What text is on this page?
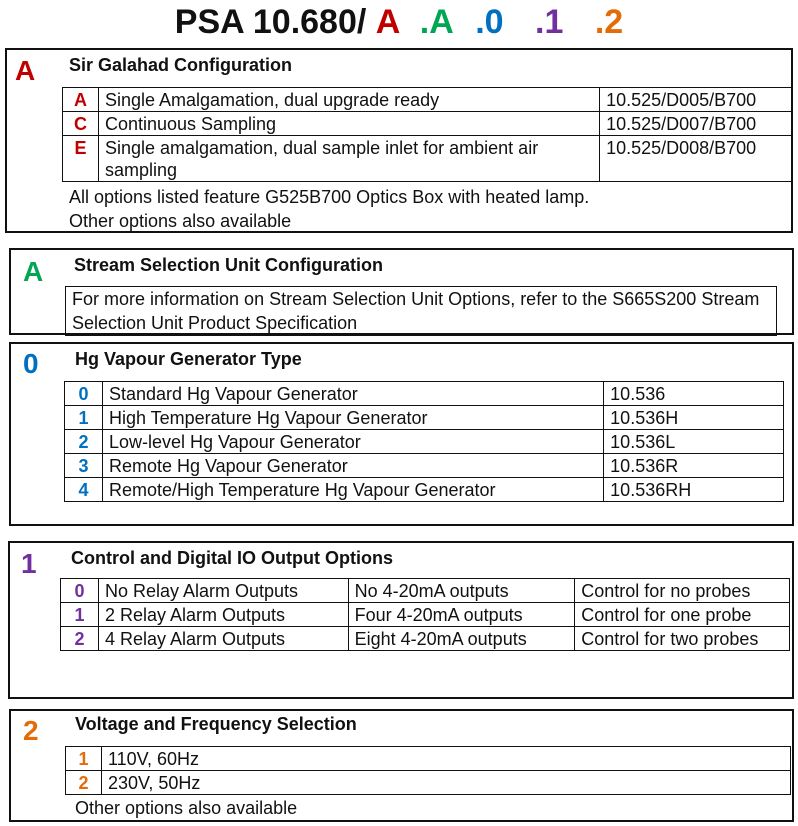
PSA 10.680/ A .A .0 .1 .2
A Sir Galahad Configuration
A	Single Amalgamation, dual upgrade ready	10.525/D005/B700
C	Continuous Sampling	10.525/D007/B700
E	Single amalgamation, dual sample inlet for ambient air sampling	10.525/D008/B700
All options listed feature G525B700 Optics Box with heated lamp.
Other options also available
A Stream Selection Unit Configuration
For more information on Stream Selection Unit Options, refer to the S665S200 Stream Selection Unit Product Specification
0 Hg Vapour Generator Type
0	Standard Hg Vapour Generator	10.536
1	High Temperature Hg Vapour Generator	10.536H
2	Low-level Hg Vapour Generator	10.536L
3	Remote Hg Vapour Generator	10.536R
4	Remote/High Temperature Hg Vapour Generator	10.536RH
1 Control and Digital IO Output Options
0	No Relay Alarm Outputs	No 4-20mA outputs	Control for no probes
1	2 Relay Alarm Outputs	Four 4-20mA outputs	Control for one probe
2	4 Relay Alarm Outputs	Eight 4-20mA outputs	Control for two probes
2 Voltage and Frequency Selection
1	110V, 60Hz
2	230V, 50Hz
Other options also available
